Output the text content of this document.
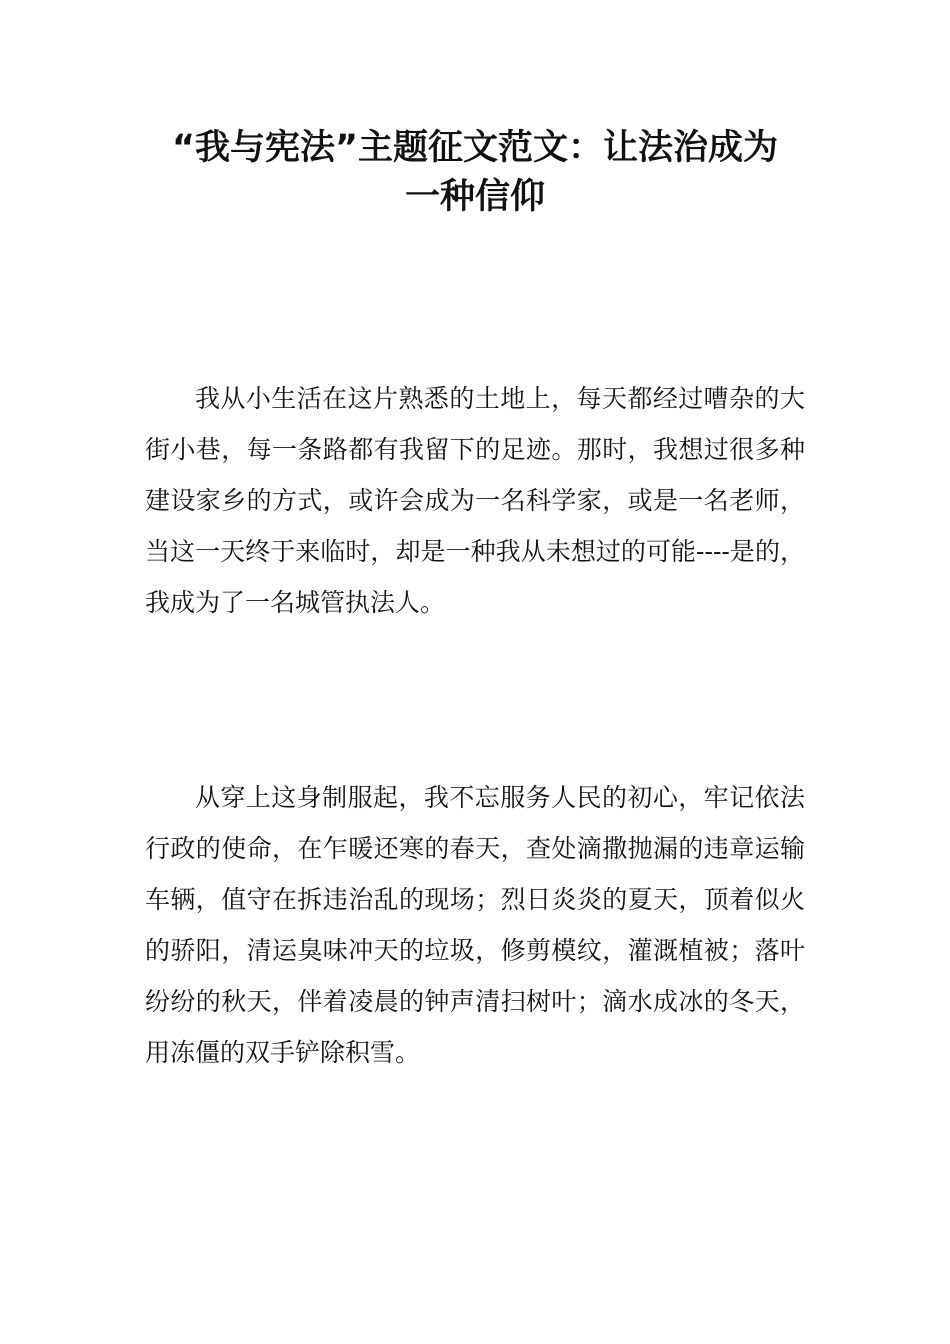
“我与宪法”主题征文范文：让法治成为
一种信仰

我从小生活在这片熟悉的土地上，每天都经过嘈杂的大街小巷，每一条路都有我留下的足迹。那时，我想过很多种建设家乡的方式，或许会成为一名科学家，或是一名老师，当这一天终于来临时，却是一种我从未想过的可能----是的，我成为了一名城管执法人。

从穿上这身制服起，我不忘服务人民的初心，牢记依法行政的使命，在乍暖还寒的春天，查处滴撒抛漏的违章运输车辆，值守在拆违治乱的现场；烈日炎炎的夏天，顶着似火的骄阳，清运臭味冲天的垃圾，修剪模纹，灌溉植被；落叶纷纷的秋天，伴着凌晨的钟声清扫树叶；滴水成冰的冬天，用冻僵的双手铲除积雪。
